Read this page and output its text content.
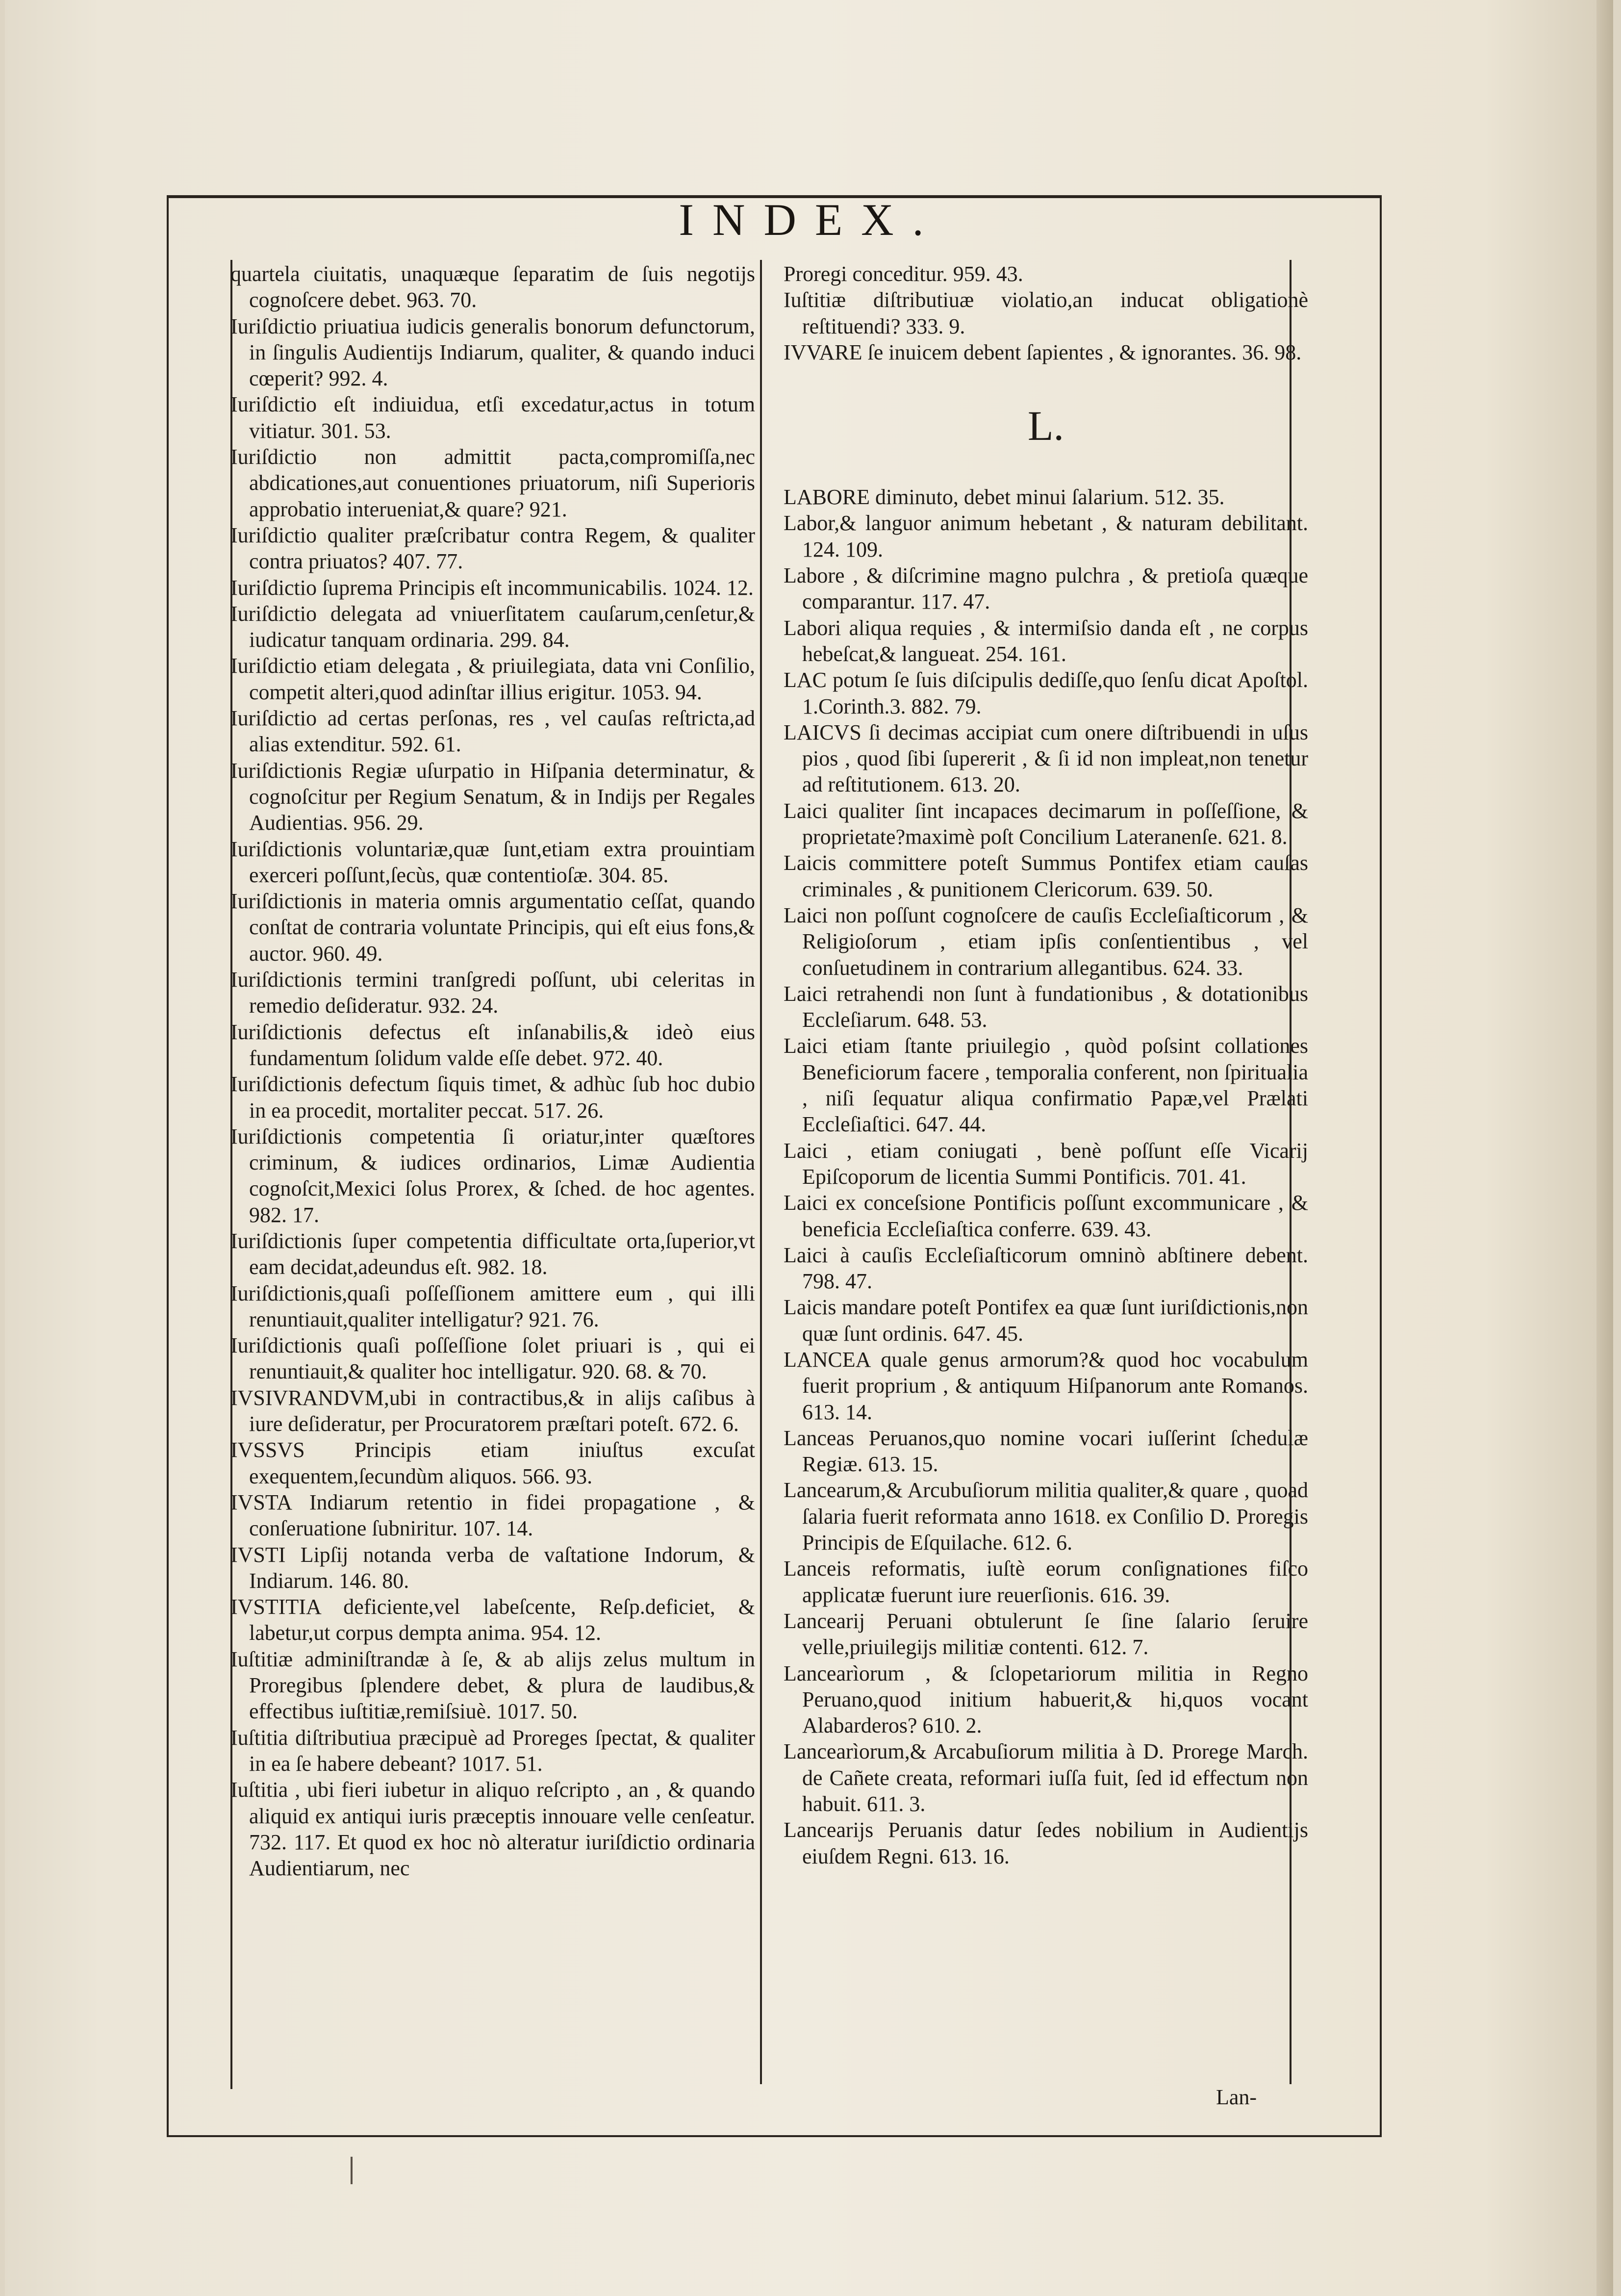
INDEX.

quartela ciuitatis, unaquæque ſeparatim de ſuis negotijs cognoſcere debet. 963. 70.

Iuriſdictio priuatiua iudicis generalis bonorum defunctorum, in ſingulis Audientijs Indiarum, qualiter, & quando induci cœperit? 992. 4.

Iuriſdictio eſt indiuidua, etſi excedatur,actus in totum vitiatur. 301. 53.

Iuriſdictio non admittit pacta,compromiſſa,nec abdicationes,aut conuentiones priuatorum, niſi Superioris approbatio interueniat,& quare? 921.

Iuriſdictio qualiter præſcribatur contra Regem, & qualiter contra priuatos? 407. 77.

Iuriſdictio ſuprema Principis eſt incommunicabilis. 1024. 12.

Iuriſdictio delegata ad vniuerſitatem cauſarum,cenſetur,& iudicatur tanquam ordinaria. 299. 84.

Iuriſdictio etiam delegata , & priuilegiata, data vni Conſilio, competit alteri,quod adinſtar illius erigitur. 1053. 94.

Iuriſdictio ad certas perſonas, res , vel cauſas reſtricta,ad alias extenditur. 592. 61.

Iuriſdictionis Regiæ uſurpatio in Hiſpania determinatur, & cognoſcitur per Regium Senatum, & in Indijs per Regales Audientias. 956. 29.

Iuriſdictionis voluntariæ,quæ ſunt,etiam extra prouintiam exerceri poſſunt,ſecùs, quæ contentioſæ. 304. 85.

Iuriſdictionis in materia omnis argumentatio ceſſat, quando conſtat de contraria voluntate Principis, qui eſt eius fons,& auctor. 960. 49.

Iuriſdictionis termini tranſgredi poſſunt, ubi celeritas in remedio deſideratur. 932. 24.

Iuriſdictionis defectus eſt inſanabilis,& ideò eius fundamentum ſolidum valde eſſe debet. 972. 40.

Iuriſdictionis defectum ſiquis timet, & adhùc ſub hoc dubio in ea procedit, mortaliter peccat. 517. 26.

Iuriſdictionis competentia ſi oriatur,inter quæſtores criminum, & iudices ordinarios, Limæ Audientia cognoſcit,Mexici ſolus Prorex, & ſched. de hoc agentes. 982. 17.

Iuriſdictionis ſuper competentia difficultate orta,ſuperior,vt eam decidat,adeundus eſt. 982. 18.

Iuriſdictionis,quaſi poſſeſſionem amittere eum , qui illi renuntiauit,qualiter intelligatur? 921. 76.

Iuriſdictionis quaſi poſſeſſione ſolet priuari is , qui ei renuntiauit,& qualiter hoc intelligatur. 920. 68. & 70.

IVSIVRANDVM,ubi in contractibus,& in alijs caſibus à iure deſideratur, per Procuratorem præſtari poteſt. 672. 6.

IVSSVS Principis etiam iniuſtus excuſat exequentem,ſecundùm aliquos. 566. 93.

IVSTA Indiarum retentio in fidei propagatione , & conſeruatione ſubniritur. 107. 14.

IVSTI Lipſij notanda verba de vaſtatione Indorum, & Indiarum. 146. 80.

IVSTITIA deficiente,vel labeſcente, Reſp.deficiet, & labetur,ut corpus dempta anima. 954. 12.

Iuſtitiæ adminiſtrandæ à ſe, & ab alijs zelus multum in Proregibus ſplendere debet, & plura de laudibus,& effectibus iuſtitiæ,remiſsiuè. 1017. 50.

Iuſtitia diſtributiua præcipuè ad Proreges ſpectat, & qualiter in ea ſe habere debeant? 1017. 51.

Iuſtitia , ubi fieri iubetur in aliquo reſcripto , an , & quando aliquid ex antiqui iuris præceptis innouare velle cenſeatur. 732. 117. Et quod ex hoc nò alteratur iuriſdictio ordinaria Audientiarum, nec

Proregi conceditur. 959. 43.

Iuſtitiæ diſtributiuæ violatio,an inducat obligationè reſtituendi? 333. 9.

IVVARE ſe inuicem debent ſapientes , & ignorantes. 36. 98.

L.

LABORE diminuto, debet minui ſalarium. 512. 35.

Labor,& languor animum hebetant , & naturam debilitant. 124. 109.

Labore , & diſcrimine magno pulchra , & pretioſa quæque comparantur. 117. 47.

Labori aliqua requies , & intermiſsio danda eſt , ne corpus hebeſcat,& langueat. 254. 161.

LAC potum ſe ſuis diſcipulis dediſſe,quo ſenſu dicat Apoſtol. 1.Corinth.3. 882. 79.

LAICVS ſi decimas accipiat cum onere diſtribuendi in uſus pios , quod ſibi ſupererit , & ſi id non impleat,non tenetur ad reſtitutionem. 613. 20.

Laici qualiter ſint incapaces decimarum in poſſeſſione, & proprietate?maximè poſt Concilium Lateranenſe. 621. 8.

Laicis committere poteſt Summus Pontifex etiam cauſas criminales , & punitionem Clericorum. 639. 50.

Laici non poſſunt cognoſcere de cauſis Eccleſiaſticorum , & Religioſorum , etiam ipſis conſentientibus , vel conſuetudinem in contrarium allegantibus. 624. 33.

Laici retrahendi non ſunt à fundationibus , & dotationibus Eccleſiarum. 648. 53.

Laici etiam ſtante priuilegio , quòd poſsint collationes Beneficiorum facere , temporalia conferent, non ſpiritualia , niſi ſequatur aliqua confirmatio Papæ,vel Prælati Eccleſiaſtici. 647. 44.

Laici , etiam coniugati , benè poſſunt eſſe Vicarij Epiſcoporum de licentia Summi Pontificis. 701. 41.

Laici ex conceſsione Pontificis poſſunt excommunicare , & beneficia Eccleſiaſtica conferre. 639. 43.

Laici à cauſis Eccleſiaſticorum omninò abſtinere debent. 798. 47.

Laicis mandare poteſt Pontifex ea quæ ſunt iuriſdictionis,non quæ ſunt ordinis. 647. 45.

LANCEA quale genus armorum?& quod hoc vocabulum fuerit proprium , & antiquum Hiſpanorum ante Romanos. 613. 14.

Lanceas Peruanos,quo nomine vocari iuſſerint ſchedulæ Regiæ. 613. 15.

Lancearum,& Arcubuſiorum militia qualiter,& quare , quoad ſalaria fuerit reformata anno 1618. ex Conſilio D. Proregis Principis de Eſquilache. 612. 6.

Lanceis reformatis, iuſtè eorum conſignationes fiſco applicatæ fuerunt iure reuerſionis. 616. 39.

Lancearij Peruani obtulerunt ſe ſine ſalario ſeruire velle,priuilegijs militiæ contenti. 612. 7.

Lancearìorum , & ſclopetariorum militia in Regno Peruano,quod initium habuerit,& hi,quos vocant Alabarderos? 610. 2.

Lancearìorum,& Arcabuſiorum militia à D. Prorege March. de Cañete creata, reformari iuſſa fuit, ſed id effectum non habuit. 611. 3.

Lancearijs Peruanis datur ſedes nobilium in Audientijs eiuſdem Regni. 613. 16.

Lan-
